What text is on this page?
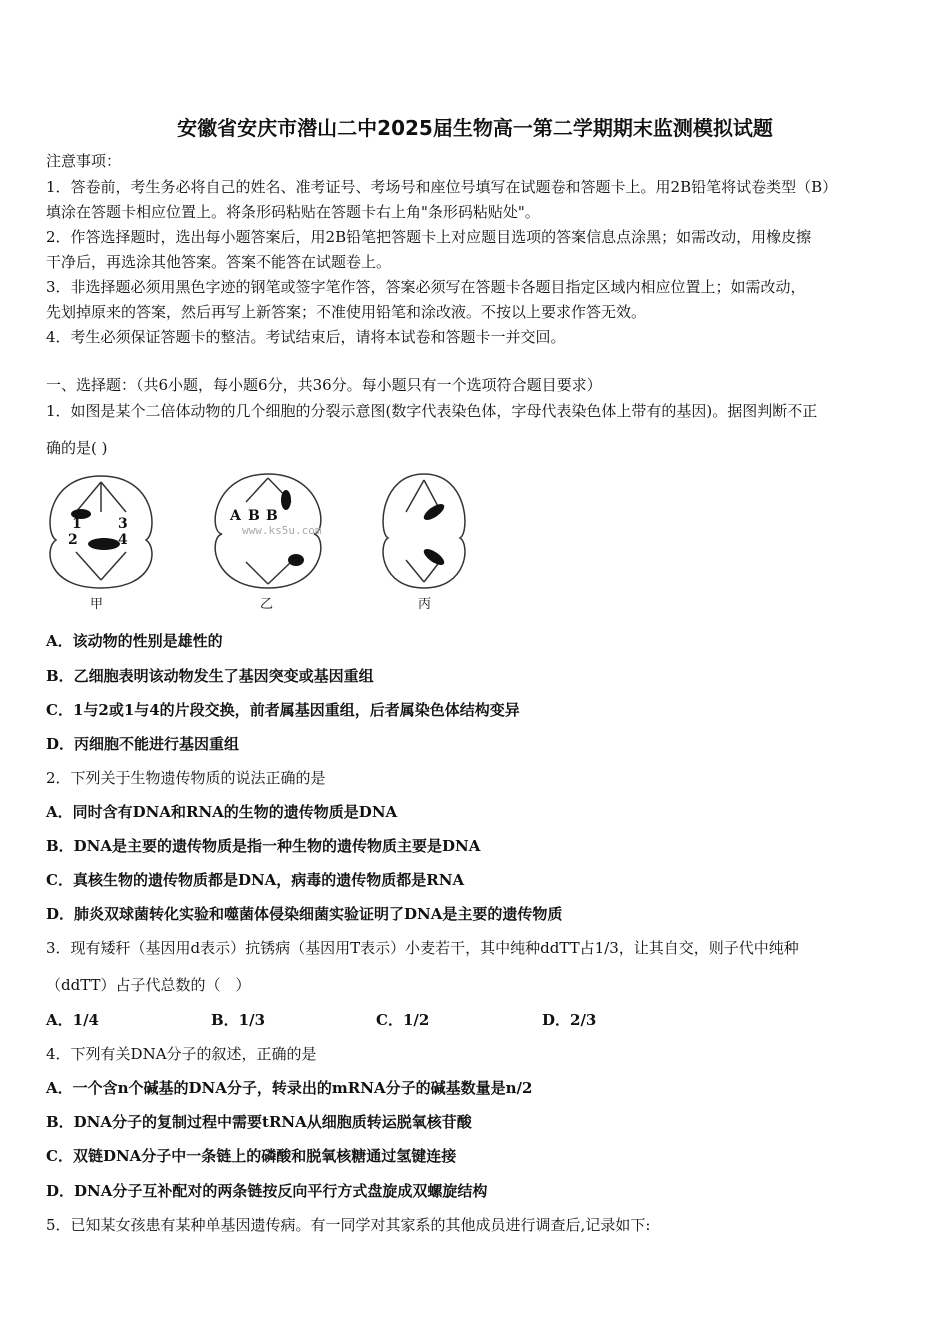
安徽省安庆市潜山二中2025届生物高一第二学期期末监测模拟试题
注意事项：
1．答卷前，考生务必将自己的姓名、准考证号、考场号和座位号填写在试题卷和答题卡上。用2B铅笔将试卷类型（B）
填涂在答题卡相应位置上。将条形码粘贴在答题卡右上角"条形码粘贴处"。
2．作答选择题时，选出每小题答案后，用2B铅笔把答题卡上对应题目选项的答案信息点涂黑；如需改动，用橡皮擦
干净后，再选涂其他答案。答案不能答在试题卷上。
3．非选择题必须用黑色字迹的钢笔或签字笔作答，答案必须写在答题卡各题目指定区域内相应位置上；如需改动，
先划掉原来的答案，然后再写上新答案；不准使用铅笔和涂改液。不按以上要求作答无效。
4．考生必须保证答题卡的整洁。考试结束后，请将本试卷和答题卡一并交回。
一、选择题：（共6小题，每小题6分，共36分。每小题只有一个选项符合题目要求）
1．如图是某个二倍体动物的几个细胞的分裂示意图(数字代表染色体，字母代表染色体上带有的基因)。据图判断不正
确的是( )
1
2
3
4
A B B
www.ks5u.com
甲	乙	丙
A．该动物的性别是雄性的
B．乙细胞表明该动物发生了基因突变或基因重组
C．1与2或1与4的片段交换，前者属基因重组，后者属染色体结构变异
D．丙细胞不能进行基因重组
2．下列关于生物遗传物质的说法正确的是
A．同时含有DNA和RNA的生物的遗传物质是DNA
B．DNA是主要的遗传物质是指一种生物的遗传物质主要是DNA
C．真核生物的遗传物质都是DNA，病毒的遗传物质都是RNA
D．肺炎双球菌转化实验和噬菌体侵染细菌实验证明了DNA是主要的遗传物质
3．现有矮秆（基因用d表示）抗锈病（基因用T表示）小麦若干，其中纯种ddTT占1/3，让其自交，则子代中纯种
（ddTT）占子代总数的（　）
A．1/4	B．1/3	C．1/2	D．2/3
4．下列有关DNA分子的叙述，正确的是
A．一个含n个碱基的DNA分子，转录出的mRNA分子的碱基数量是n/2
B．DNA分子的复制过程中需要tRNA从细胞质转运脱氧核苷酸
C．双链DNA分子中一条链上的磷酸和脱氧核糖通过氢键连接
D．DNA分子互补配对的两条链按反向平行方式盘旋成双螺旋结构
5．已知某女孩患有某种单基因遗传病。有一同学对其家系的其他成员进行调查后,记录如下:
